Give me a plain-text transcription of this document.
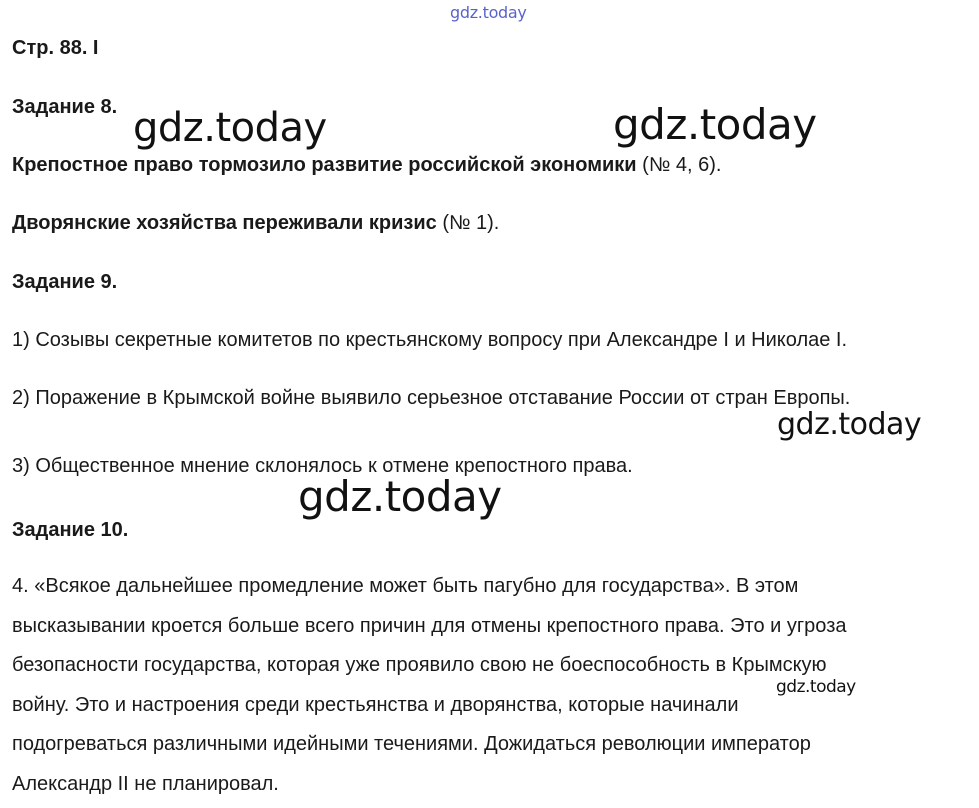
gdz.today
Стр. 88. I
Задание 8.
Крепостное право тормозило развитие российской экономики (№ 4, 6).
Дворянские хозяйства переживали кризис (№ 1).
Задание 9.
1) Созывы секретные комитетов по крестьянскому вопросу при Александре I и Николае I.
2) Поражение в Крымской войне выявило серьезное отставание России от стран Европы.
3) Общественное мнение склонялось к отмене крепостного права.
Задание 10.
4. «Всякое дальнейшее промедление может быть пагубно для государства». В этом
высказывании кроется больше всего причин для отмены крепостного права. Это и угроза
безопасности государства, которая уже проявило свою не боеспособность в Крымскую
войну. Это и настроения среди крестьянства и дворянства, которые начинали
подогреваться различными идейными течениями. Дожидаться революции император
Александр II не планировал.
gdz.today	gdz.today
gdz.today
gdz.today
gdz.today
